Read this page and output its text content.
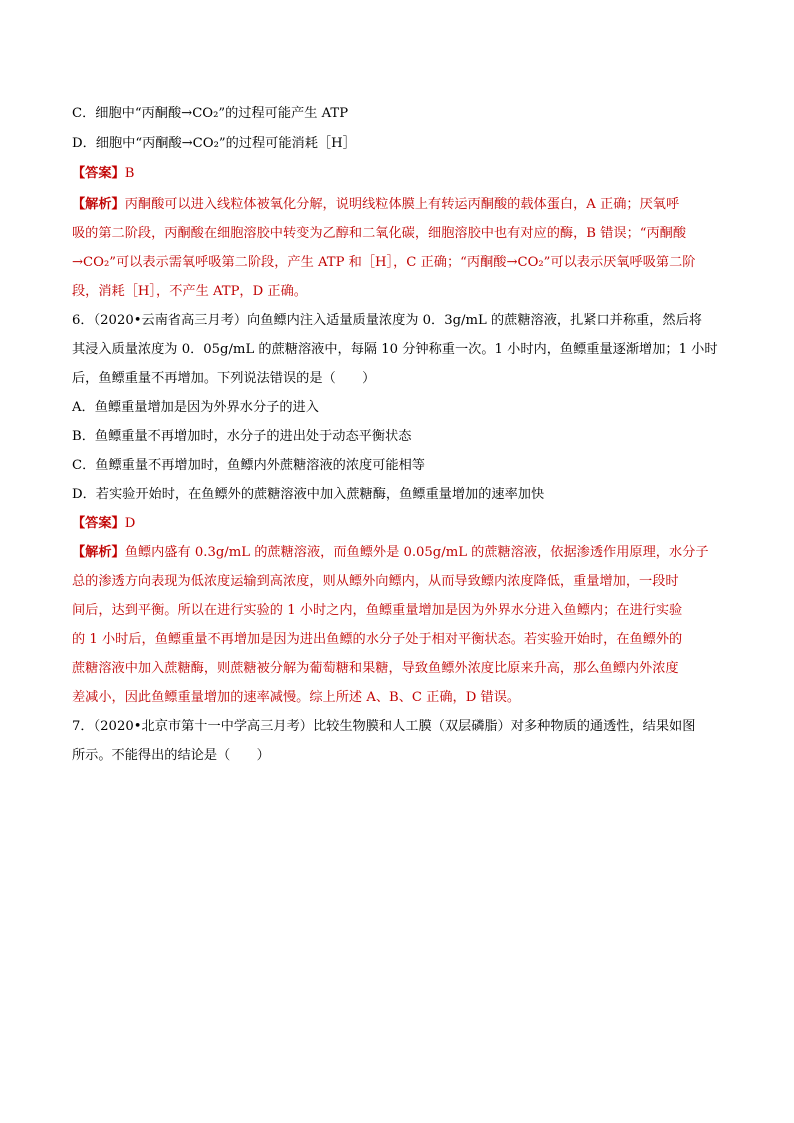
C．细胞中“丙酮酸→CO₂”的过程可能产生 ATP

D．细胞中“丙酮酸→CO₂”的过程可能消耗［H］

【答案】B

【解析】丙酮酸可以进入线粒体被氧化分解，说明线粒体膜上有转运丙酮酸的载体蛋白，A 正确；厌氧呼
吸的第二阶段，丙酮酸在细胞溶胶中转变为乙醇和二氧化碳，细胞溶胶中也有对应的酶，B 错误；“丙酮酸
→CO₂”可以表示需氧呼吸第二阶段，产生 ATP 和［H］，C 正确；“丙酮酸→CO₂”可以表示厌氧呼吸第二阶
段，消耗［H］，不产生 ATP，D 正确。
6．（2020•云南省高三月考）向鱼鳔内注入适量质量浓度为 0．3g/mL 的蔗糖溶液，扎紧口并称重，然后将
其浸入质量浓度为 0．05g/mL 的蔗糖溶液中，每隔 10 分钟称重一次。1 小时内，鱼鳔重量逐渐增加；1 小时
后，鱼鳔重量不再增加。下列说法错误的是（　　）
A．鱼鳔重量增加是因为外界水分子的进入
B．鱼鳔重量不再增加时，水分子的进出处于动态平衡状态
C．鱼鳔重量不再增加时，鱼鳔内外蔗糖溶液的浓度可能相等
D．若实验开始时，在鱼鳔外的蔗糖溶液中加入蔗糖酶，鱼鳔重量增加的速率加快

【答案】D

【解析】鱼鳔内盛有 0.3g/mL 的蔗糖溶液，而鱼鳔外是 0.05g/mL 的蔗糖溶液，依据渗透作用原理，水分子
总的渗透方向表现为低浓度运输到高浓度，则从鳔外向鳔内，从而导致鳔内浓度降低，重量增加，一段时
间后，达到平衡。所以在进行实验的 1 小时之内，鱼鳔重量增加是因为外界水分进入鱼鳔内；在进行实验
的 1 小时后，鱼鳔重量不再增加是因为进出鱼鳔的水分子处于相对平衡状态。若实验开始时，在鱼鳔外的
蔗糖溶液中加入蔗糖酶，则蔗糖被分解为葡萄糖和果糖，导致鱼鳔外浓度比原来升高，那么鱼鳔内外浓度
差减小，因此鱼鳔重量增加的速率减慢。综上所述 A、B、C 正确，D 错误。
7．（2020•北京市第十一中学高三月考）比较生物膜和人工膜（双层磷脂）对多种物质的通透性，结果如图
所示。不能得出的结论是（　　）
